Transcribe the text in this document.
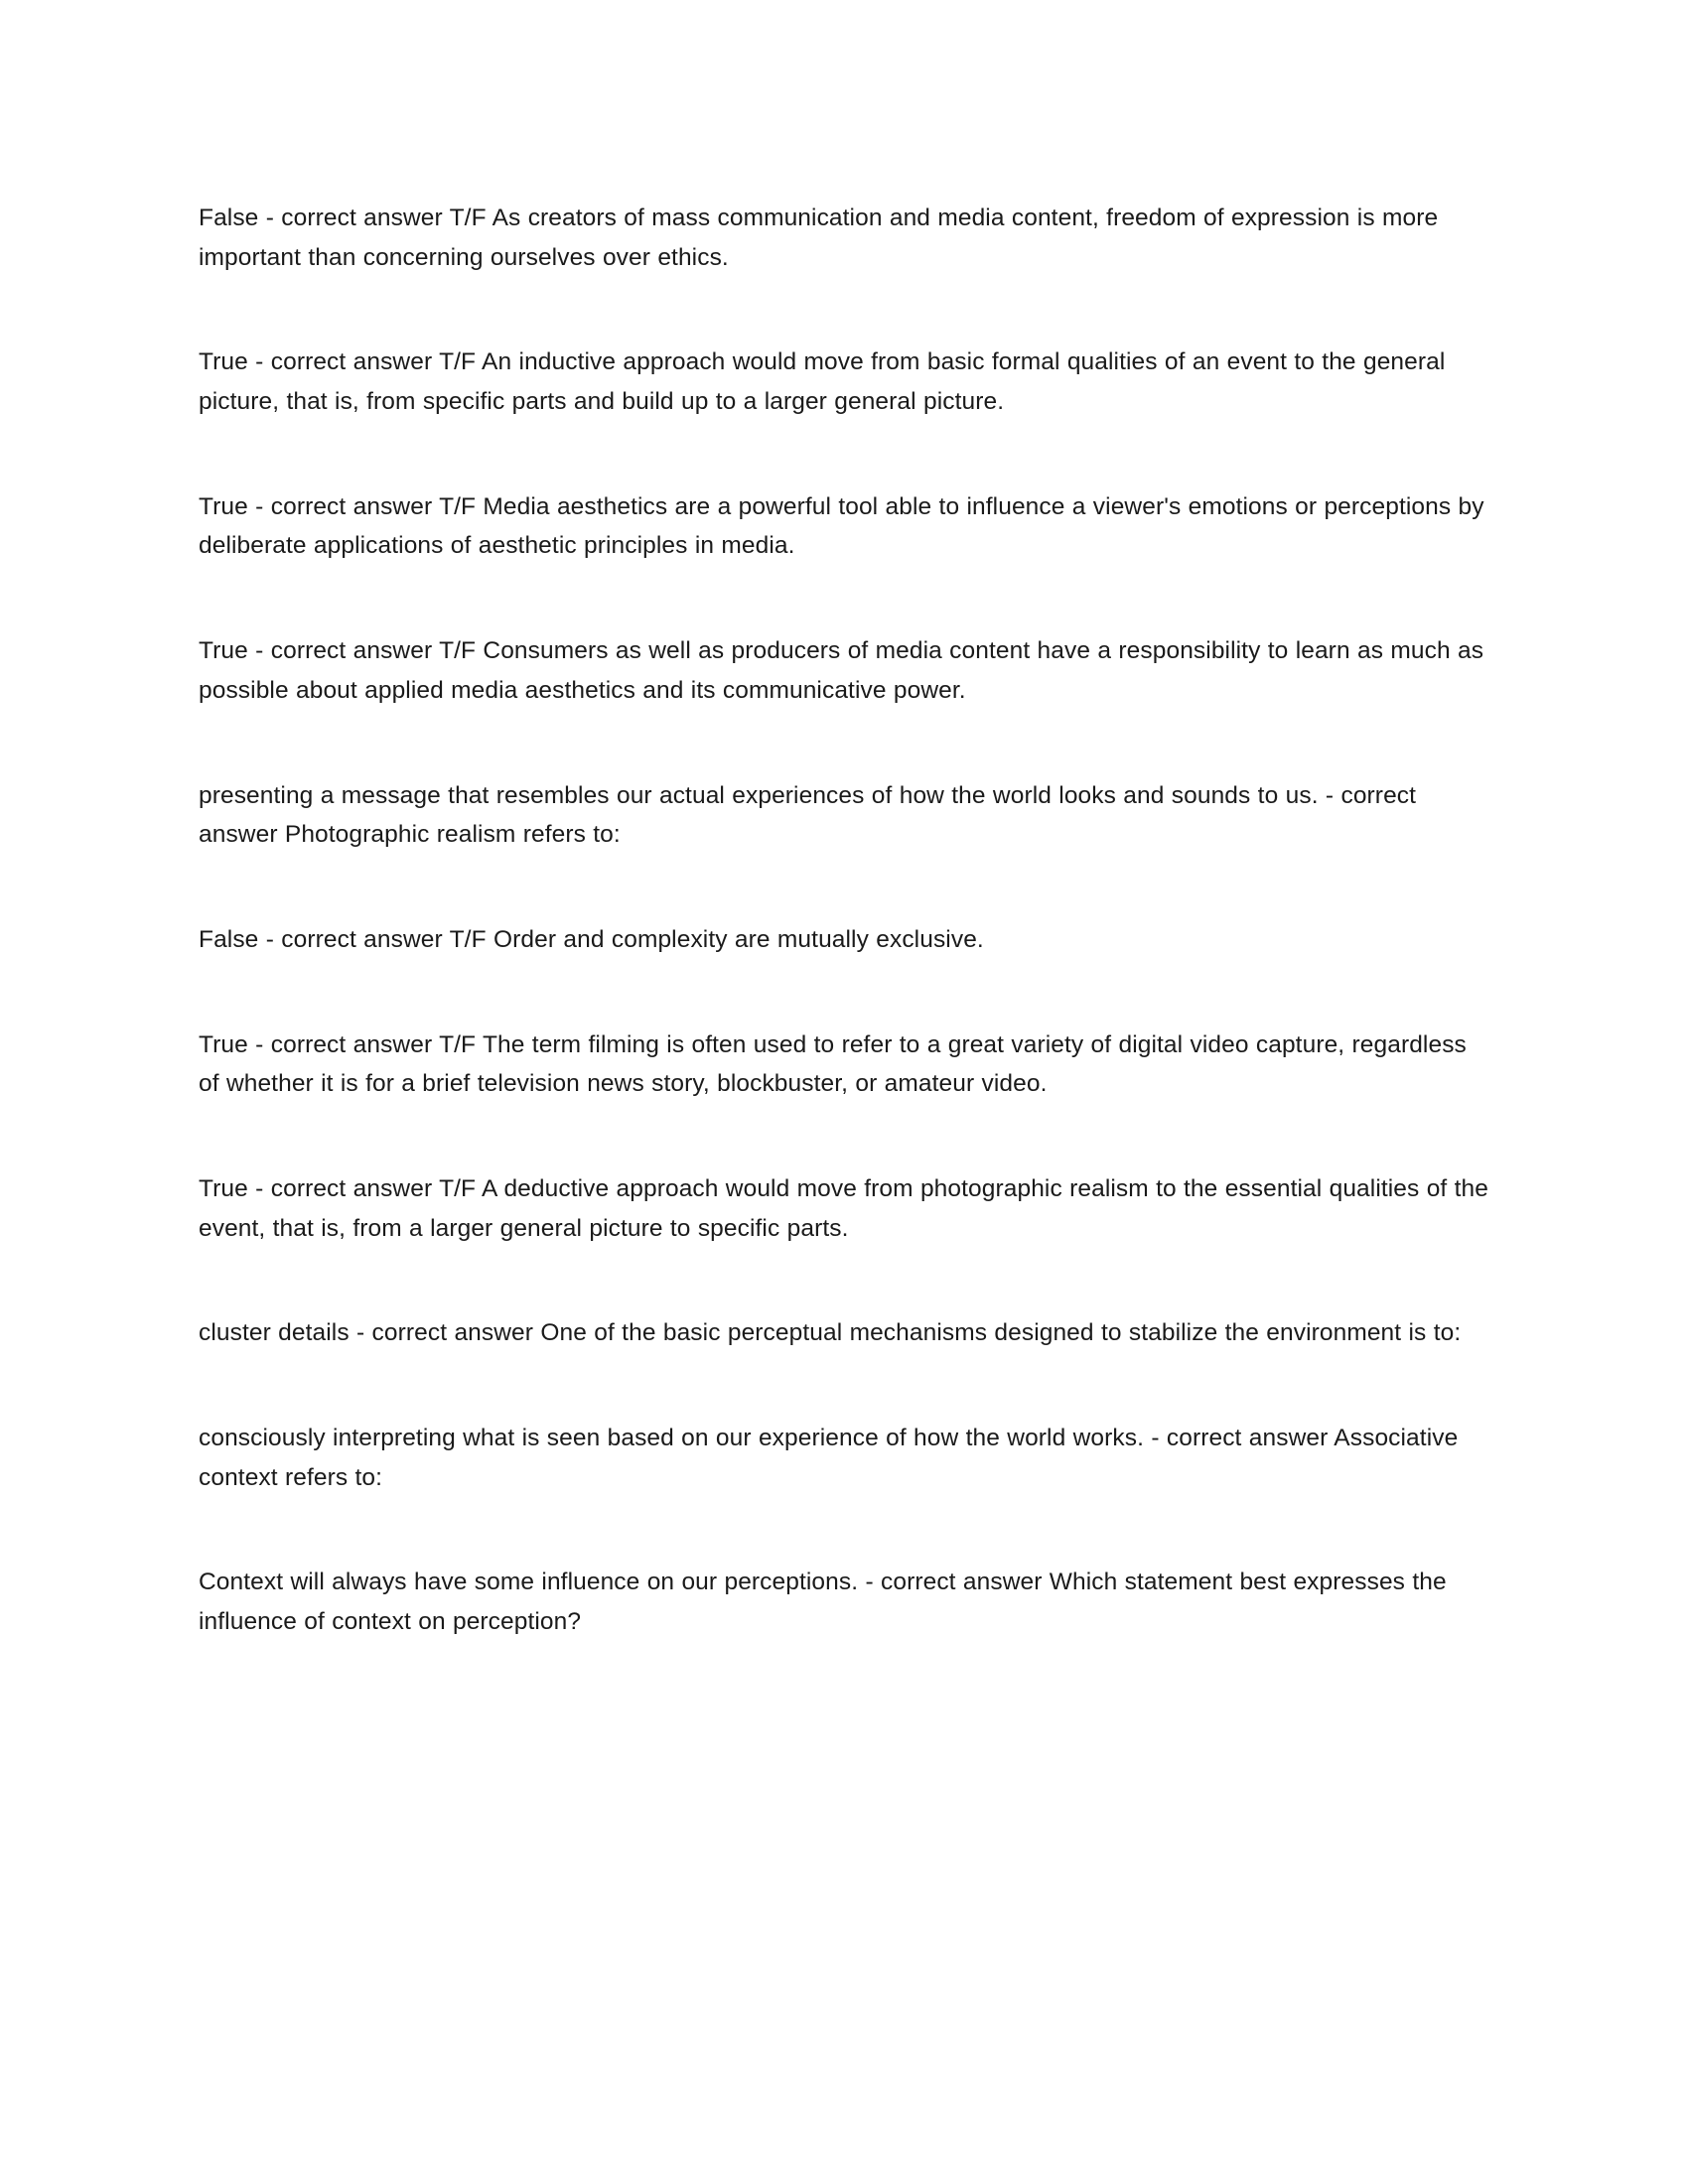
False - correct answer T/F As creators of mass communication and media content, freedom of expression is more important than concerning ourselves over ethics.

True - correct answer T/F An inductive approach would move from basic formal qualities of an event to the general picture, that is, from specific parts and build up to a larger general picture.

True - correct answer T/F Media aesthetics are a powerful tool able to influence a viewer's emotions or perceptions by deliberate applications of aesthetic principles in media.

True - correct answer T/F Consumers as well as producers of media content have a responsibility to learn as much as possible about applied media aesthetics and its communicative power.

presenting a message that resembles our actual experiences of how the world looks and sounds to us. - correct answer Photographic realism refers to:

False - correct answer T/F Order and complexity are mutually exclusive.

True - correct answer T/F The term filming is often used to refer to a great variety of digital video capture, regardless of whether it is for a brief television news story, blockbuster, or amateur video.

True - correct answer T/F A deductive approach would move from photographic realism to the essential qualities of the event, that is, from a larger general picture to specific parts.

cluster details - correct answer One of the basic perceptual mechanisms designed to stabilize the environment is to:

consciously interpreting what is seen based on our experience of how the world works. - correct answer Associative context refers to:

Context will always have some influence on our perceptions. - correct answer Which statement best expresses the influence of context on perception?
